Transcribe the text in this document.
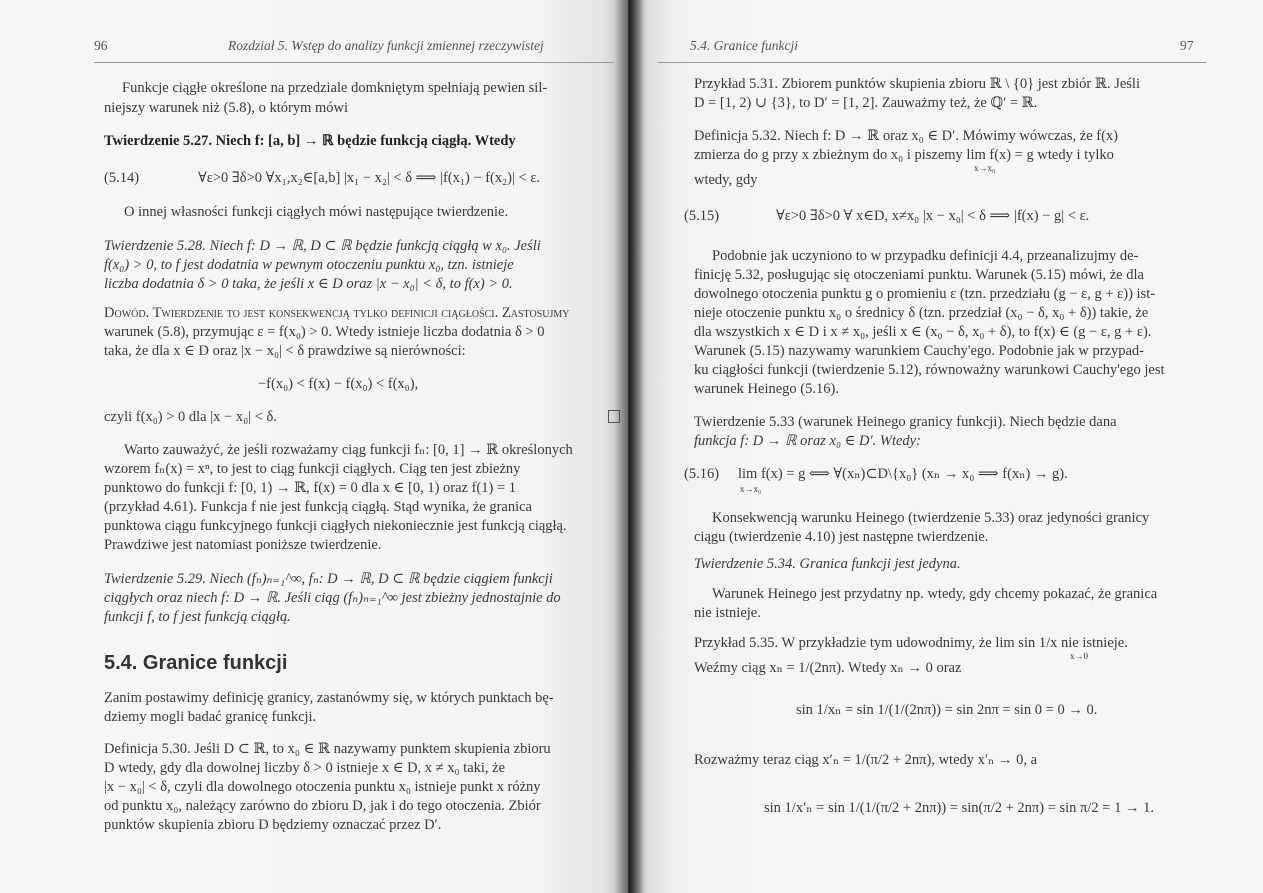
96	Rozdział 5. Wstęp do analizy funkcji zmiennej rzeczywistej
Funkcje ciągłe określone na przedziale domkniętym spełniają pewien sil-
niejszy warunek niż (5.8), o którym mówi
Twierdzenie 5.27. Niech f: [a, b] → ℝ będzie funkcją ciągłą. Wtedy
(5.14)	∀ε>0 ∃δ>0 ∀x₁,x₂∈[a,b] |x₁ − x₂| < δ ⟹ |f(x₁) − f(x₂)| < ε.
O innej własności funkcji ciągłych mówi następujące twierdzenie.
Twierdzenie 5.28. Niech f: D → ℝ, D ⊂ ℝ będzie funkcją ciągłą w x₀. Jeśli
f(x₀) > 0, to f jest dodatnia w pewnym otoczeniu punktu x₀, tzn. istnieje
liczba dodatnia δ > 0 taka, że jeśli x ∈ D oraz |x − x₀| < δ, to f(x) > 0.
Dowód. Twierdzenie to jest konsekwencją tylko definicji ciągłości. Zastosujmy
warunek (5.8), przymując ε = f(x₀) > 0. Wtedy istnieje liczba dodatnia δ > 0
taka, że dla x ∈ D oraz |x − x₀| < δ prawdziwe są nierówności:
−f(x₀) < f(x) − f(x₀) < f(x₀),
czyli f(x₀) > 0 dla |x − x₀| < δ.
Warto zauważyć, że jeśli rozważamy ciąg funkcji fₙ: [0, 1] → ℝ określonych
wzorem fₙ(x) = xⁿ, to jest to ciąg funkcji ciągłych. Ciąg ten jest zbieżny
punktowo do funkcji f: [0, 1) → ℝ, f(x) = 0 dla x ∈ [0, 1) oraz f(1) = 1
(przykład 4.61). Funkcja f nie jest funkcją ciągłą. Stąd wynika, że granica
punktowa ciągu funkcyjnego funkcji ciągłych niekoniecznie jest funkcją ciągłą.
Prawdziwe jest natomiast poniższe twierdzenie.
Twierdzenie 5.29. Niech (fₙ)ₙ₌₁^∞, fₙ: D → ℝ, D ⊂ ℝ będzie ciągiem funkcji
ciągłych oraz niech f: D → ℝ. Jeśli ciąg (fₙ)ₙ₌₁^∞ jest zbieżny jednostajnie do
funkcji f, to f jest funkcją ciągłą.
5.4. Granice funkcji
Zanim postawimy definicję granicy, zastanówmy się, w których punktach bę-
dziemy mogli badać granicę funkcji.
Definicja 5.30. Jeśli D ⊂ ℝ, to x₀ ∈ ℝ nazywamy punktem skupienia zbioru
D wtedy, gdy dla dowolnej liczby δ > 0 istnieje x ∈ D, x ≠ x₀ taki, że
|x − x₀| < δ, czyli dla dowolnego otoczenia punktu x₀ istnieje punkt x różny
od punktu x₀, należący zarówno do zbioru D, jak i do tego otoczenia. Zbiór
punktów skupienia zbioru D będziemy oznaczać przez D′.
5.4. Granice funkcji	97
Przykład 5.31. Zbiorem punktów skupienia zbioru ℝ \ {0} jest zbiór ℝ. Jeśli
D = [1, 2) ∪ {3}, to D′ = [1, 2]. Zauważmy też, że ℚ′ = ℝ.
Definicja 5.32. Niech f: D → ℝ oraz x₀ ∈ D′. Mówimy wówczas, że f(x)
zmierza do g przy x zbieżnym do x₀ i piszemy lim f(x) = g wtedy i tylko
x→x₀
wtedy, gdy
(5.15)	∀ε>0 ∃δ>0 ∀ x∈D, x≠x₀ |x − x₀| < δ ⟹ |f(x) − g| < ε.
Podobnie jak uczyniono to w przypadku definicji 4.4, przeanalizujmy de-
finicję 5.32, posługując się otoczeniami punktu. Warunek (5.15) mówi, że dla
dowolnego otoczenia punktu g o promieniu ε (tzn. przedziału (g − ε, g + ε)) ist-
nieje otoczenie punktu x₀ o średnicy δ (tzn. przedział (x₀ − δ, x₀ + δ)) takie, że
dla wszystkich x ∈ D i x ≠ x₀, jeśli x ∈ (x₀ − δ, x₀ + δ), to f(x) ∈ (g − ε, g + ε).
Warunek (5.15) nazywamy warunkiem Cauchy'ego. Podobnie jak w przypad-
ku ciągłości funkcji (twierdzenie 5.12), równoważny warunkowi Cauchy'ego jest
warunek Heinego (5.16).
Twierdzenie 5.33 (warunek Heinego granicy funkcji). Niech będzie dana
funkcja f: D → ℝ oraz x₀ ∈ D′. Wtedy:
(5.16) lim f(x) = g ⟺ ∀(xₙ)⊂D\{x₀} (xₙ → x₀ ⟹ f(xₙ) → g).
x→x₀
Konsekwencją warunku Heinego (twierdzenie 5.33) oraz jedyności granicy
ciągu (twierdzenie 4.10) jest następne twierdzenie.
Twierdzenie 5.34. Granica funkcji jest jedyna.
Warunek Heinego jest przydatny np. wtedy, gdy chcemy pokazać, że granica
nie istnieje.
Przykład 5.35. W przykładzie tym udowodnimy, że lim sin 1/x nie istnieje.
x→0
Weźmy ciąg xₙ = 1/(2nπ). Wtedy xₙ → 0 oraz
sin 1/xₙ = sin 1/(1/(2nπ)) = sin 2nπ = sin 0 = 0 → 0.
Rozważmy teraz ciąg x′ₙ = 1/(π/2 + 2nπ), wtedy x′ₙ → 0, a
sin 1/x′ₙ = sin 1/(1/(π/2 + 2nπ)) = sin(π/2 + 2nπ) = sin π/2 = 1 → 1.
